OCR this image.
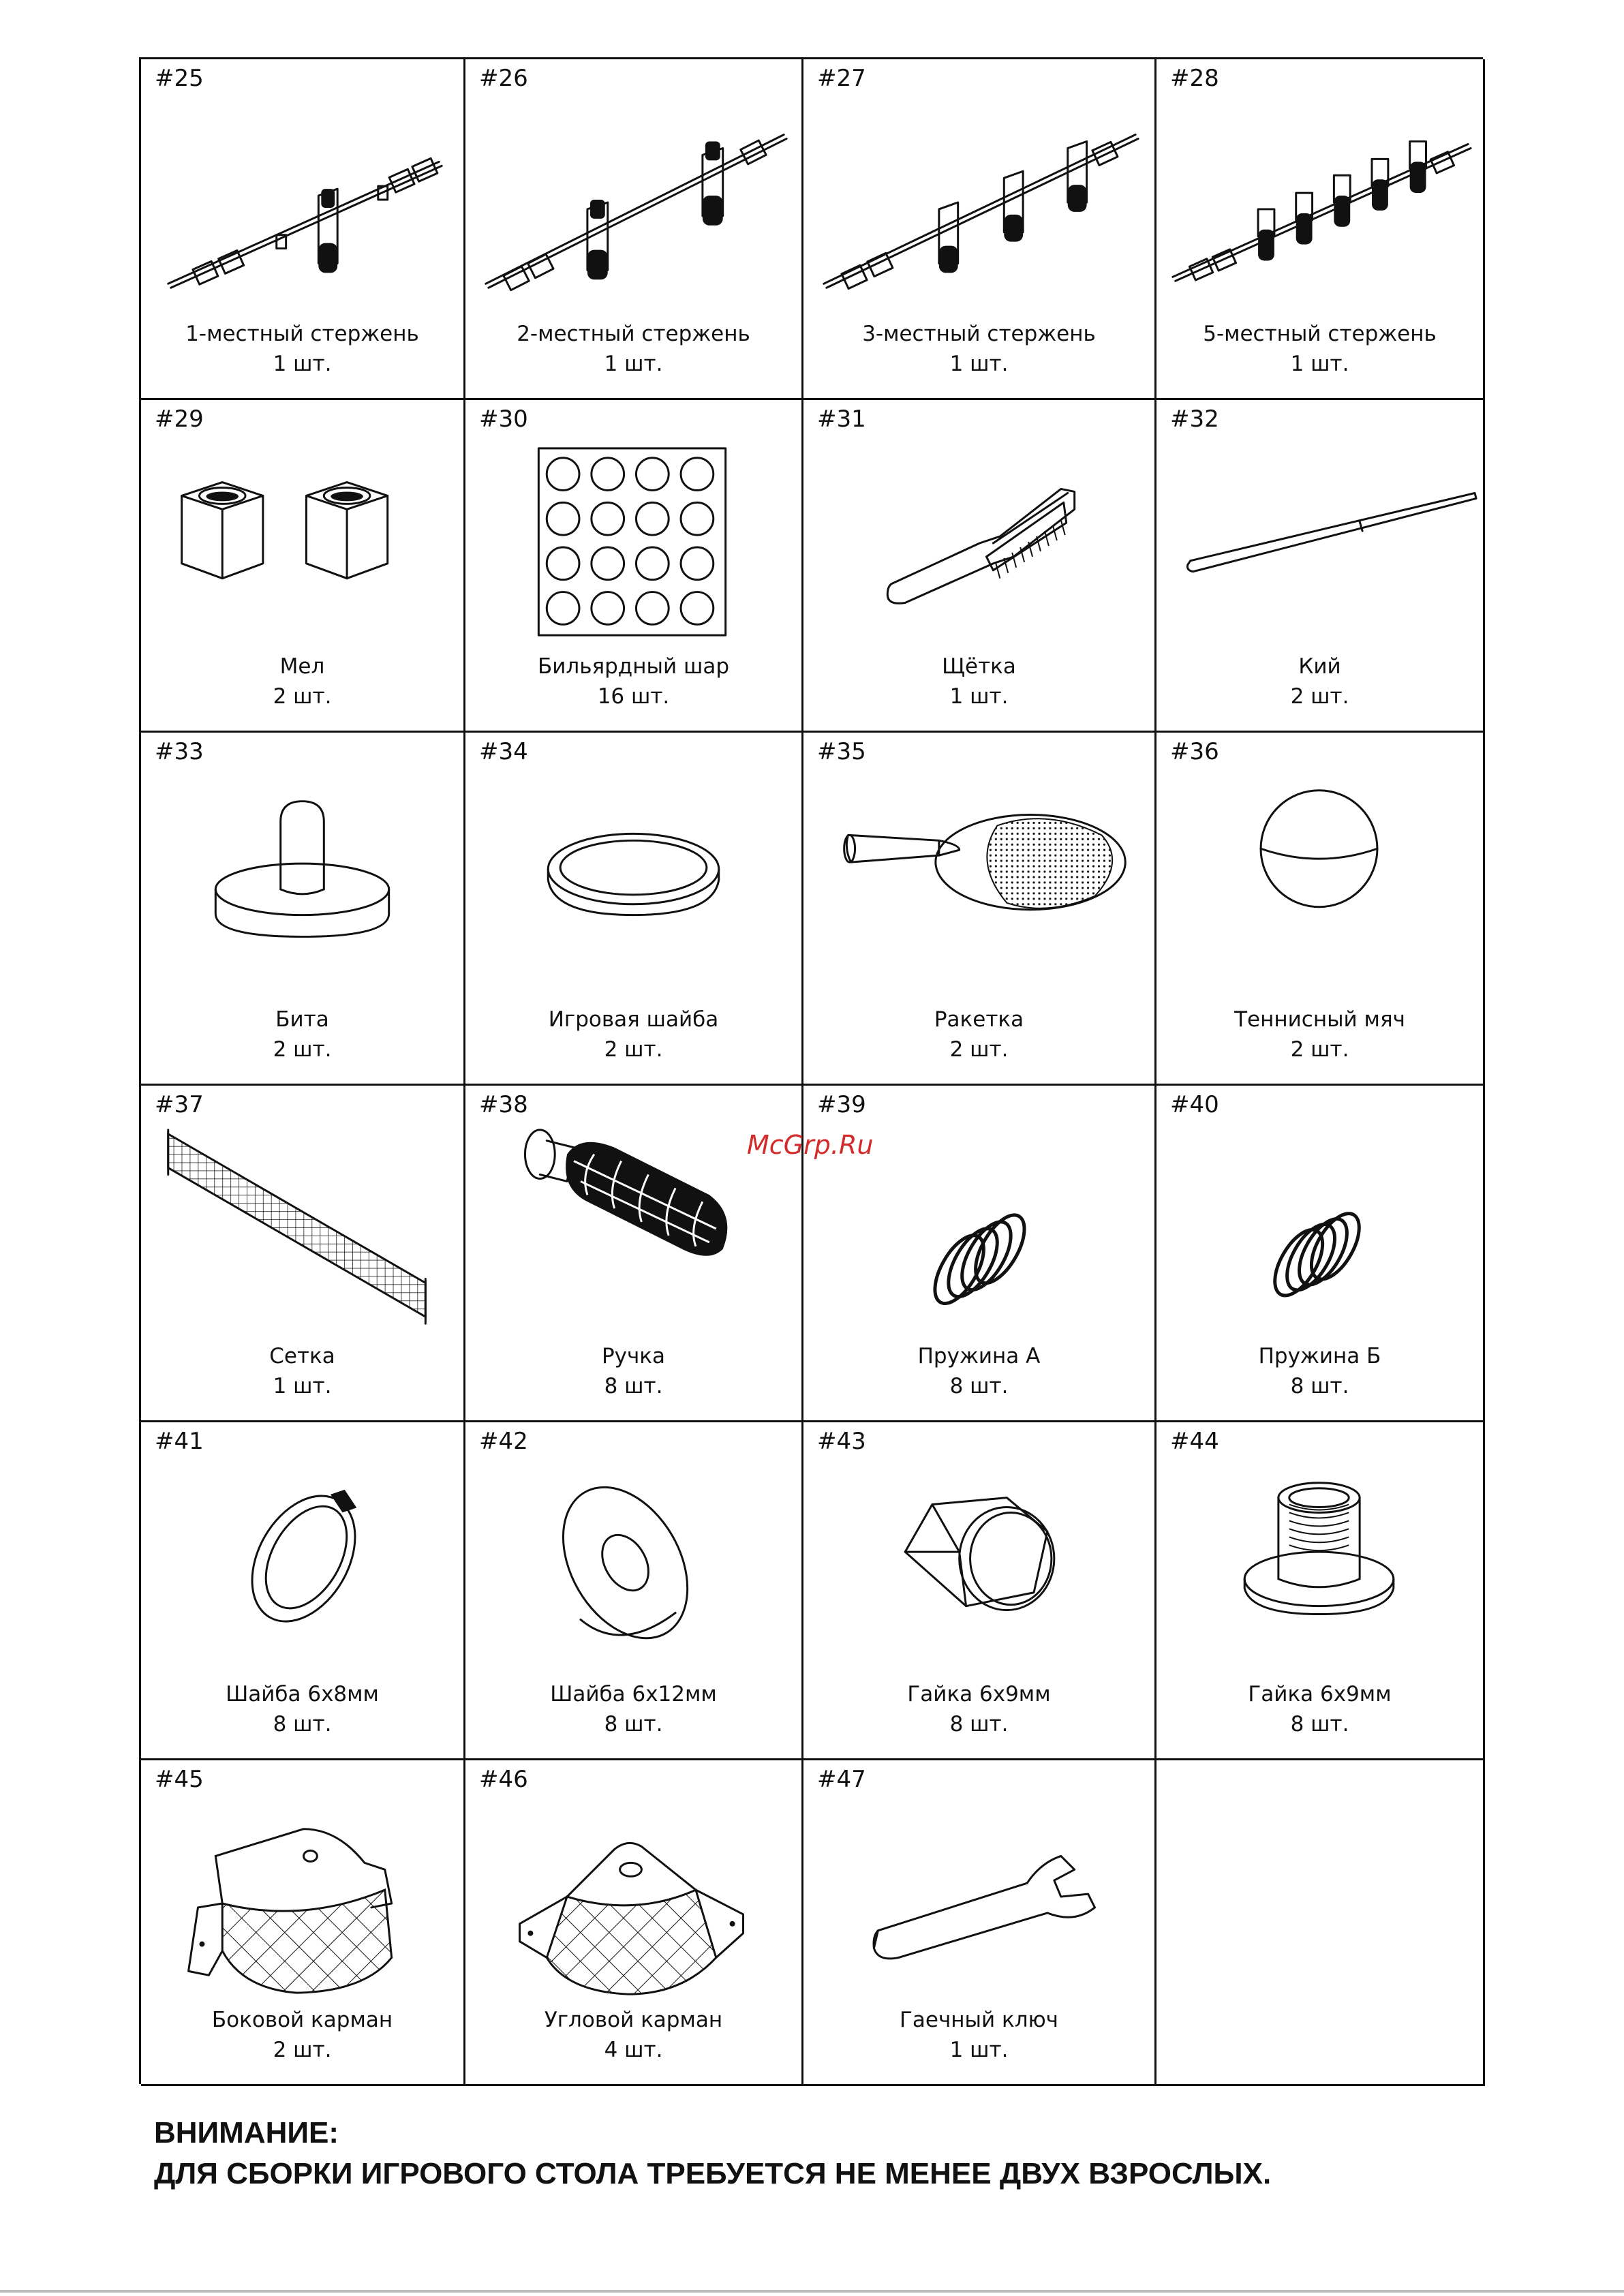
#25
1-местный стержень
1 шт.
#26
2-местный стержень
1 шт.
#27
3-местный стержень
1 шт.
#28
5-местный стержень
1 шт.
#29
Мел
2 шт.
#30
Бильярдный шар
16 шт.
#31
Щётка
1 шт.
#32
Кий
2 шт.
#33
Бита
2 шт.
#34
Игровая шайба
2 шт.
#35
Ракетка
2 шт.
#36
Теннисный мяч
2 шт.
#37
Сетка
1 шт.
#38
Ручка
8 шт.
#39
Пружина А
8 шт.
#40
Пружина Б
8 шт.
#41
Шайба 6х8мм
8 шт.
#42
Шайба 6х12мм
8 шт.
#43
Гайка 6х9мм
8 шт.
#44
Гайка 6х9мм
8 шт.
#45
Боковой карман
2 шт.
#46
Угловой карман
4 шт.
#47
Гаечный ключ
1 шт.
McGrp.Ru
ВНИМАНИЕ:
ДЛЯ СБОРКИ ИГРОВОГО СТОЛА ТРЕБУЕТСЯ НЕ МЕНЕЕ ДВУХ ВЗРОСЛЫХ.
